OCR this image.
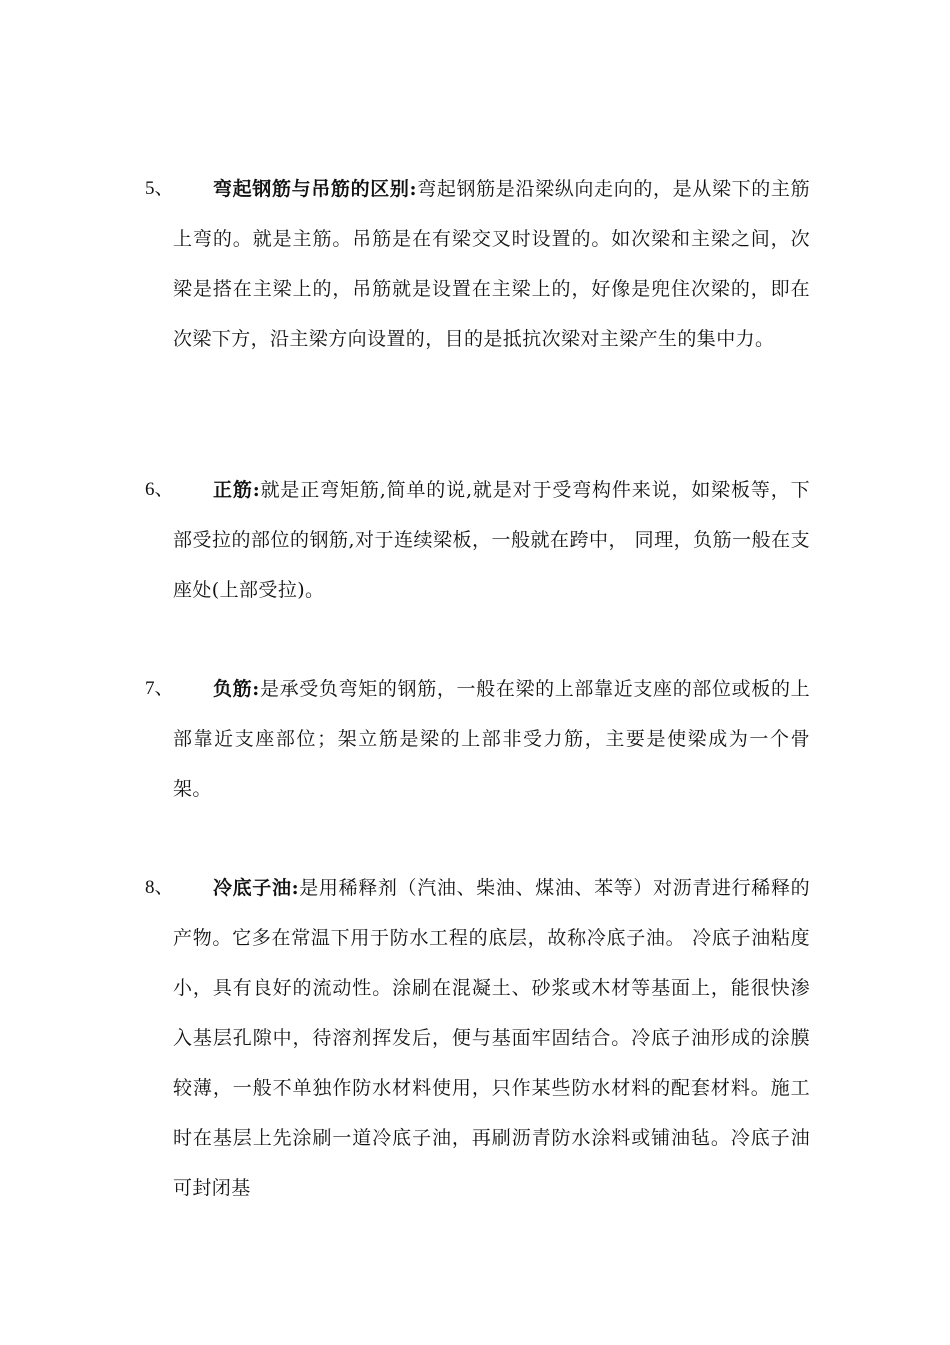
5、	弯起钢筋与吊筋的区别:弯起钢筋是沿梁纵向走向的，是从梁下的主筋上弯的。就是主筋。吊筋是在有梁交叉时设置的。如次梁和主梁之间，次梁是搭在主梁上的，吊筋就是设置在主梁上的，好像是兜住次梁的，即在次梁下方，沿主梁方向设置的，目的是抵抗次梁对主梁产生的集中力。

6、	正筋:就是正弯矩筋,简单的说,就是对于受弯构件来说，如梁板等，下部受拉的部位的钢筋,对于连续梁板，一般就在跨中， 同理，负筋一般在支座处(上部受拉)。

7、	负筋:是承受负弯矩的钢筋，一般在梁的上部靠近支座的部位或板的上部靠近支座部位；架立筋是梁的上部非受力筋，主要是使梁成为一个骨架。

8、	冷底子油:是用稀释剂（汽油、柴油、煤油、苯等）对沥青进行稀释的产物。它多在常温下用于防水工程的底层，故称冷底子油。 冷底子油粘度小，具有良好的流动性。涂刷在混凝土、砂浆或木材等基面上，能很快渗入基层孔隙中，待溶剂挥发后，便与基面牢固结合。冷底子油形成的涂膜较薄，一般不单独作防水材料使用，只作某些防水材料的配套材料。施工时在基层上先涂刷一道冷底子油，再刷沥青防水涂料或铺油毡。冷底子油可封闭基
